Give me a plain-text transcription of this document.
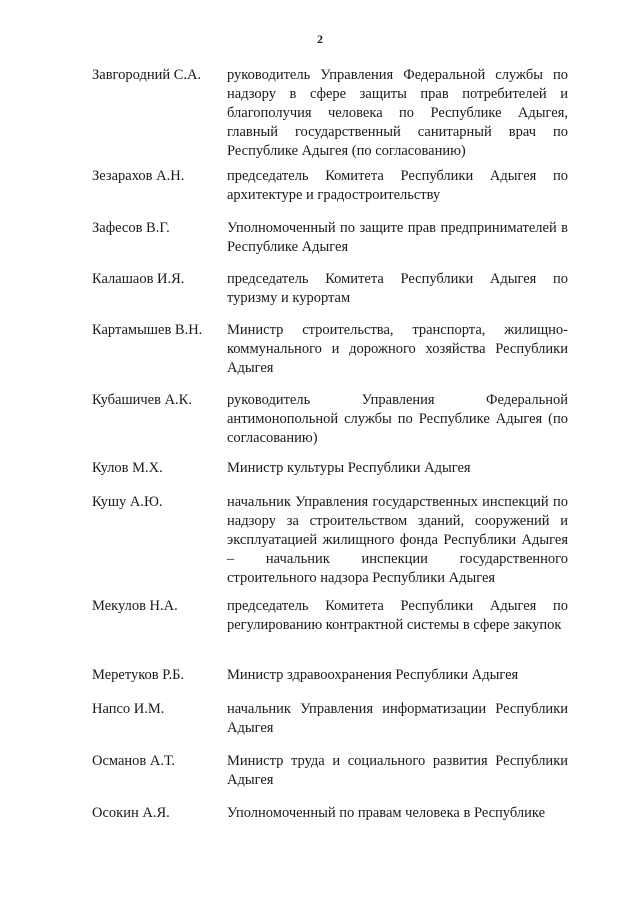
2
Завгородний С.А. руководитель Управления Федеральной службы по надзору в сфере защиты прав потребителей и благополучия человека по Республике Адыгея, главный государственный санитарный врач по Республике Адыгея (по согласованию)
Зезарахов А.Н.	председатель Комитета Республики Адыгея по архитектуре и градостроительству
Зафесов В.Г.	Уполномоченный по защите прав предпринимателей в Республике Адыгея
Калашаов И.Я.	председатель Комитета Республики Адыгея по туризму и курортам
Картамышев В.Н. Министр строительства, транспорта, жилищно-коммунального и дорожного хозяйства Республики Адыгея
Кубашичев А.К. руководитель Управления Федеральной антимонопольной службы по Республике Адыгея (по согласованию)
Кулов М.Х.	Министр культуры Республики Адыгея
Кушу А.Ю.	начальник Управления государственных инспекций по надзору за строительством зданий, сооружений и эксплуатацией жилищного фонда Республики Адыгея – начальник инспекции государственного строительного надзора Республики Адыгея
Мекулов Н.А.	председатель Комитета Республики Адыгея по регулированию контрактной системы в сфере закупок
Меретуков Р.Б.	Министр здравоохранения Республики Адыгея
Напсо И.М.	начальник Управления информатизации Республики Адыгея
Османов А.Т.	Министр труда и социального развития Республики Адыгея
Осокин А.Я.	Уполномоченный по правам человека в Республике
